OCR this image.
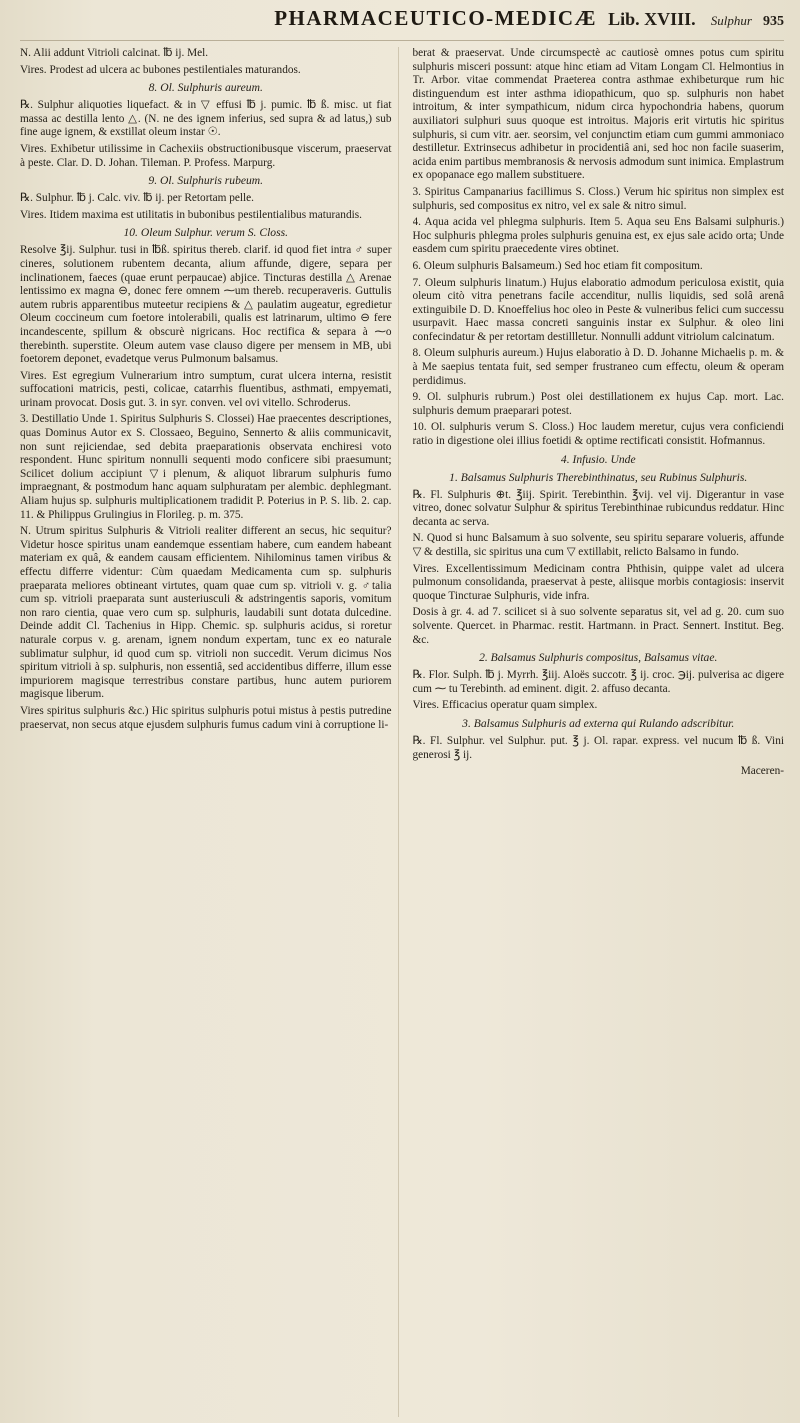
PHARMACEUTICO-MEDICÆ Lib. XVIII. Sulphur 935

N. Alii addunt Vitrioli calcinat. ℔ ij. Mel.

Vires. Prodest ad ulcera ac bubones pestilentiales maturandos.

8. Ol. Sulphuris aureum.

℞. Sulphur aliquoties liquefact. & in ▽ effusi ℔ j. pumic. ℔ ß. misc. ut fiat massa ac destilla lento △. (N. ne des ignem inferius, sed supra & ad latus,) sub fine auge ignem, & exstillat oleum instar ☉.

Vires. Exhibetur utilissime in Cachexiis obstructionibusque viscerum, praeservat à peste. Clar. D. D. Johan. Tileman. P. Profess. Marpurg.

9. Ol. Sulphuris rubeum.

℞. Sulphur. ℔ j. Calc. viv. ℔ ij. per Retortam pelle.

Vires. Itidem maxima est utilitatis in bubonibus pestilentialibus maturandis.

10. Oleum Sulphur. verum S. Closs.

Resolve ℥ij. Sulphur. tusi in ℔ß. spiritus thereb. clarif. id quod fiet intra ♂ super cineres, solutionem rubentem decanta, alium affunde, digere, separa per inclinationem, faeces (quae erunt perpaucae) abjice. Tincturas destilla △ Arenae lentissimo ex magna ⊖, donec fere omnem ⁓um thereb. recuperaveris. Guttulis autem rubris apparentibus muteetur recipiens & △ paulatim augeatur, egredietur Oleum coccineum cum foetore intolerabili, qualis est latrinarum, ultimo ⊖ fere incandescente, spillum & obscurè nigricans. Hoc rectifica & separa à ⁓o therebinth. superstite. Oleum autem vase clauso digere per mensem in MB, ubi foetorem deponet, evadetque verus Pulmonum balsamus.

Vires. Est egregium Vulnerarium intro sumptum, curat ulcera interna, resistit suffocationi matricis, pesti, colicae, catarrhis fluentibus, asthmati, empyemati, urinam provocat. Dosis gut. 3. in syr. conven. vel ovi vitello. Schroderus.

3. Destillatio Unde 1. Spiritus Sulphuris S. Clossei) Hae praecentes descriptiones, quas Dominus Autor ex S. Clossaeo, Beguino, Sennerto & aliis communicavit, non sunt rejiciendae, sed debita praeparationis observata enchiresi voto respondent. Hunc spiritum nonnulli sequenti modo conficere sibi praesumunt; Scilicet dolium accipiunt ▽i plenum, & aliquot librarum sulphuris fumo impraegnant, & postmodum hanc aquam sulphuratam per alembic. dephlegmant. Aliam hujus sp. sulphuris multiplicationem tradidit P. Poterius in P. S. lib. 2. cap. 11. & Philippus Grulingius in Florileg. p. m. 375.

N. Utrum spiritus Sulphuris & Vitrioli realiter different an secus, hic sequitur? Videtur hosce spiritus unam eandemque essentiam habere, cum eandem habeant materiam ex quâ, & eandem causam efficientem. Nihilominus tamen viribus & effectu differre videntur: Cùm quaedam Medicamenta cum sp. sulphuris praeparata meliores obtineant virtutes, quam quae cum sp. vitrioli v. g. ♂talia cum sp. vitrioli praeparata sunt austeriusculi & adstringentis saporis, vomitum non raro cientia, quae vero cum sp. sulphuris, laudabili sunt dotata dulcedine. Deinde addit Cl. Tachenius in Hipp. Chemic. sp. sulphuris acidus, si roretur naturale corpus v. g. arenam, ignem nondum expertam, tunc ex eo naturale sublimatur sulphur, id quod cum sp. vitrioli non succedit. Verum dicimus Nos spiritum vitrioli à sp. sulphuris, non essentiâ, sed accidentibus differre, illum esse impuriorem magisque terrestribus constare partibus, hunc autem puriorem magisque liberum.

Vires spiritus sulphuris &c.) Hic spiritus sulphuris potui mistus à pestis putredine praeservat, non secus atque ejusdem sulphuris fumus cadum vini à corruptione li-

berat & praeservat. Unde circumspectè ac cautiosè omnes potus cum spiritu sulphuris misceri possunt: atque hinc etiam ad Vitam Longam Cl. Helmontius in Tr. Arbor. vitae commendat Praeterea contra asthmae exhibeturque rum hic distinguendum est inter asthma idiopathicum, quo sp. sulphuris non habet introitum, & inter sympathicum, nidum circa hypochondria habens, quorum auxiliatori sulphuri suus quoque est introitus. Majoris erit virtutis hic spiritus sulphuris, si cum vitr. aer. seorsim, vel conjunctim etiam cum gummi ammoniaco destilletur. Extrinsecus adhibetur in procidentiâ ani, sed hoc non facile suaserim, acida enim partibus membranosis & nervosis admodum sunt inimica. Emplastrum ex opopanace ego mallem substituere.

3. Spiritus Campanarius facillimus S. Closs.) Verum hic spiritus non simplex est sulphuris, sed compositus ex nitro, vel ex sale & nitro simul.

4. Aqua acida vel phlegma sulphuris. Item 5. Aqua seu Ens Balsami sulphuris.) Hoc sulphuris phlegma proles sulphuris genuina est, ex ejus sale acido orta; Unde easdem cum spiritu praecedente vires obtinet.

6. Oleum sulphuris Balsameum.) Sed hoc etiam fit compositum.

7. Oleum sulphuris linatum.) Hujus elaboratio admodum periculosa existit, quia oleum citò vitra penetrans facile accenditur, nullis liquidis, sed solâ arenâ extinguibile D. D. Knoeffelius hoc oleo in Peste & vulneribus felici cum successu usurpavit. Haec massa concreti sanguinis instar ex Sulphur. & oleo lini confecindatur & per retortam destillletur. Nonnulli addunt vitriolum calcinatum.

8. Oleum sulphuris aureum.) Hujus elaboratio à D. D. Johanne Michaelis p. m. & à Me saepius tentata fuit, sed semper frustraneo cum effectu, oleum & operam perdidimus.

9. Ol. sulphuris rubrum.) Post olei destillationem ex hujus Cap. mort. Lac. sulphuris demum praeparari potest.

10. Ol. sulphuris verum S. Closs.) Hoc laudem meretur, cujus vera conficiendi ratio in digestione olei illius foetidi & optime rectificati consistit. Hofmannus.

4. Infusio. Unde
1. Balsamus Sulphuris Therebinthinatus, seu Rubinus Sulphuris.

℞. Fl. Sulphuris ⊕t. ℥iij. Spirit. Terebinthin. ℥vij. vel vij. Digerantur in vase vitreo, donec solvatur Sulphur & spiritus Terebinthinae rubicundus reddatur. Hinc decanta ac serva.

N. Quod si hunc Balsamum à suo solvente, seu spiritu separare volueris, affunde ▽ & destilla, sic spiritus una cum ▽ extillabit, relicto Balsamo in fundo.

Vires. Excellentissimum Medicinam contra Phthisin, quippe valet ad ulcera pulmonum consolidanda, praeservat à peste, aliisque morbis contagiosis: inservit quoque Tincturae Sulphuris, vide infra.

Dosis à gr. 4. ad 7. scilicet si à suo solvente separatus sit, vel ad g. 20. cum suo solvente. Quercet. in Pharmac. restit. Hartmann. in Pract. Sennert. Institut. Beg. &c.

2. Balsamus Sulphuris compositus, Balsamus vitae.

℞. Flor. Sulph. ℔ j. Myrrh. ℥iij. Aloës succotr. ℥ ij. croc. ℈ij. pulverisa ac digere cum ⁓ tu Terebinth. ad eminent. digit. 2. affuso decanta.

Vires. Efficacius operatur quam simplex.

3. Balsamus Sulphuris ad externa qui Rulando adscribitur.

℞. Fl. Sulphur. vel Sulphur. put. ℥ j. Ol. rapar. express. vel nucum ℔ ß. Vini generosi ℥ ij.

Maceren-
